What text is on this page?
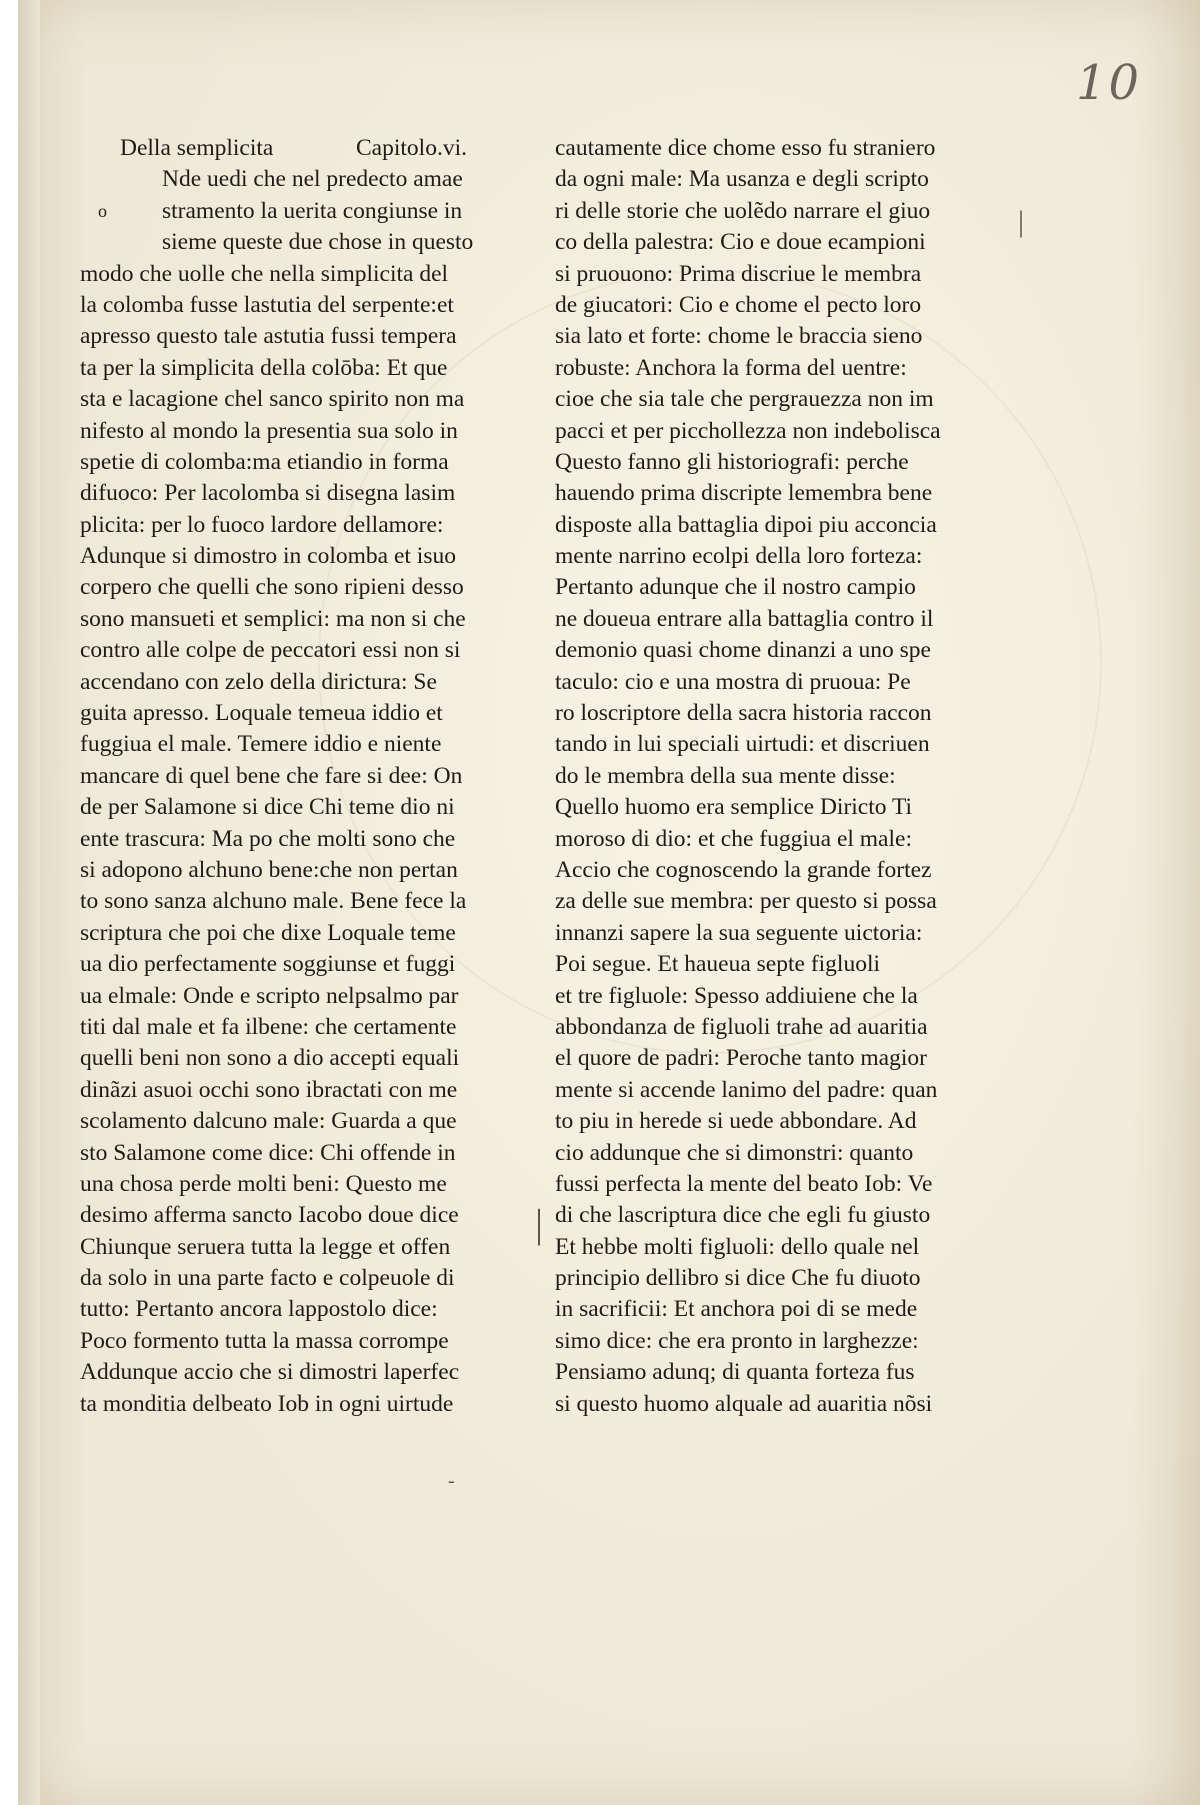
|
|
-
10
Della semplicita	Capitolo.vi.
Nde uedi che nel predecto amae
o stramento la uerita congiunse in
sieme queste due chose in questo
modo che uolle che nella simplicita del
la colomba fusse lastutia del serpente:et
apresso questo tale astutia fussi tempera
ta per la simplicita della colōba: Et que
sta e lacagione chel sanco spirito non ma
nifesto al mondo la presentia sua solo in
spetie di colomba:ma etiandio in forma
difuoco: Per lacolomba si disegna lasim
plicita: per lo fuoco lardore dellamore:
Adunque si dimostro in colomba et isuo
corpero che quelli che sono ripieni desso
sono mansueti et semplici: ma non si che
contro alle colpe de peccatori essi non si
accendano con zelo della dirictura: Se
guita apresso. Loquale temeua iddio et
fuggiua el male. Temere iddio e niente
mancare di quel bene che fare si dee: On
de per Salamone si dice Chi teme dio ni
ente trascura: Ma po che molti sono che
si adopono alchuno bene:che non pertan
to sono sanza alchuno male. Bene fece la
scriptura che poi che dixe Loquale teme
ua dio perfectamente soggiunse et fuggi
ua elmale: Onde e scripto nelpsalmo par
titi dal male et fa ilbene: che certamente
quelli beni non sono a dio accepti equali
dinãzi asuoi occhi sono ibractati con me
scolamento dalcuno male: Guarda a que
sto Salamone come dice: Chi offende in
una chosa perde molti beni: Questo me
desimo afferma sancto Iacobo doue dice
Chiunque seruera tutta la legge et offen
da solo in una parte facto e colpeuole di
tutto: Pertanto ancora lappostolo dice:
Poco formento tutta la massa corrompe
Addunque accio che si dimostri laperfec
ta monditia delbeato Iob in ogni uirtude
cautamente dice chome esso fu straniero
da ogni male: Ma usanza e degli scripto
ri delle storie che uolẽdo narrare el giuo
co della palestra: Cio e doue ecampioni
si pruouono: Prima discriue le membra
de giucatori: Cio e chome el pecto loro
sia lato et forte: chome le braccia sieno
robuste: Anchora la forma del uentre:
cioe che sia tale che pergrauezza non im
pacci et per picchollezza non indebolisca
Questo fanno gli historiografi: perche
hauendo prima discripte lemembra bene
disposte alla battaglia dipoi piu acconcia
mente narrino ecolpi della loro forteza:
Pertanto adunque che il nostro campio
ne doueua entrare alla battaglia contro il
demonio quasi chome dinanzi a uno spe
taculo: cio e una mostra di pruoua: Pe
ro loscriptore della sacra historia raccon
tando in lui speciali uirtudi: et discriuen
do le membra della sua mente disse:
Quello huomo era semplice Diricto Ti
moroso di dio: et che fuggiua el male:
Accio che cognoscendo la grande fortez
za delle sue membra: per questo si possa
innanzi sapere la sua seguente uictoria:
Poi segue. Et haueua septe figluoli
et tre figluole: Spesso addiuiene che la
abbondanza de figluoli trahe ad auaritia
el quore de padri: Peroche tanto magior
mente si accende lanimo del padre: quan
to piu in herede si uede abbondare. Ad
cio addunque che si dimonstri: quanto
fussi perfecta la mente del beato Iob: Ve
di che lascriptura dice che egli fu giusto
Et hebbe molti figluoli: dello quale nel
principio dellibro si dice Che fu diuoto
in sacrificii: Et anchora poi di se mede
simo dice: che era pronto in larghezze:
Pensiamo adunq; di quanta forteza fus
si questo huomo alquale ad auaritia nõsi
